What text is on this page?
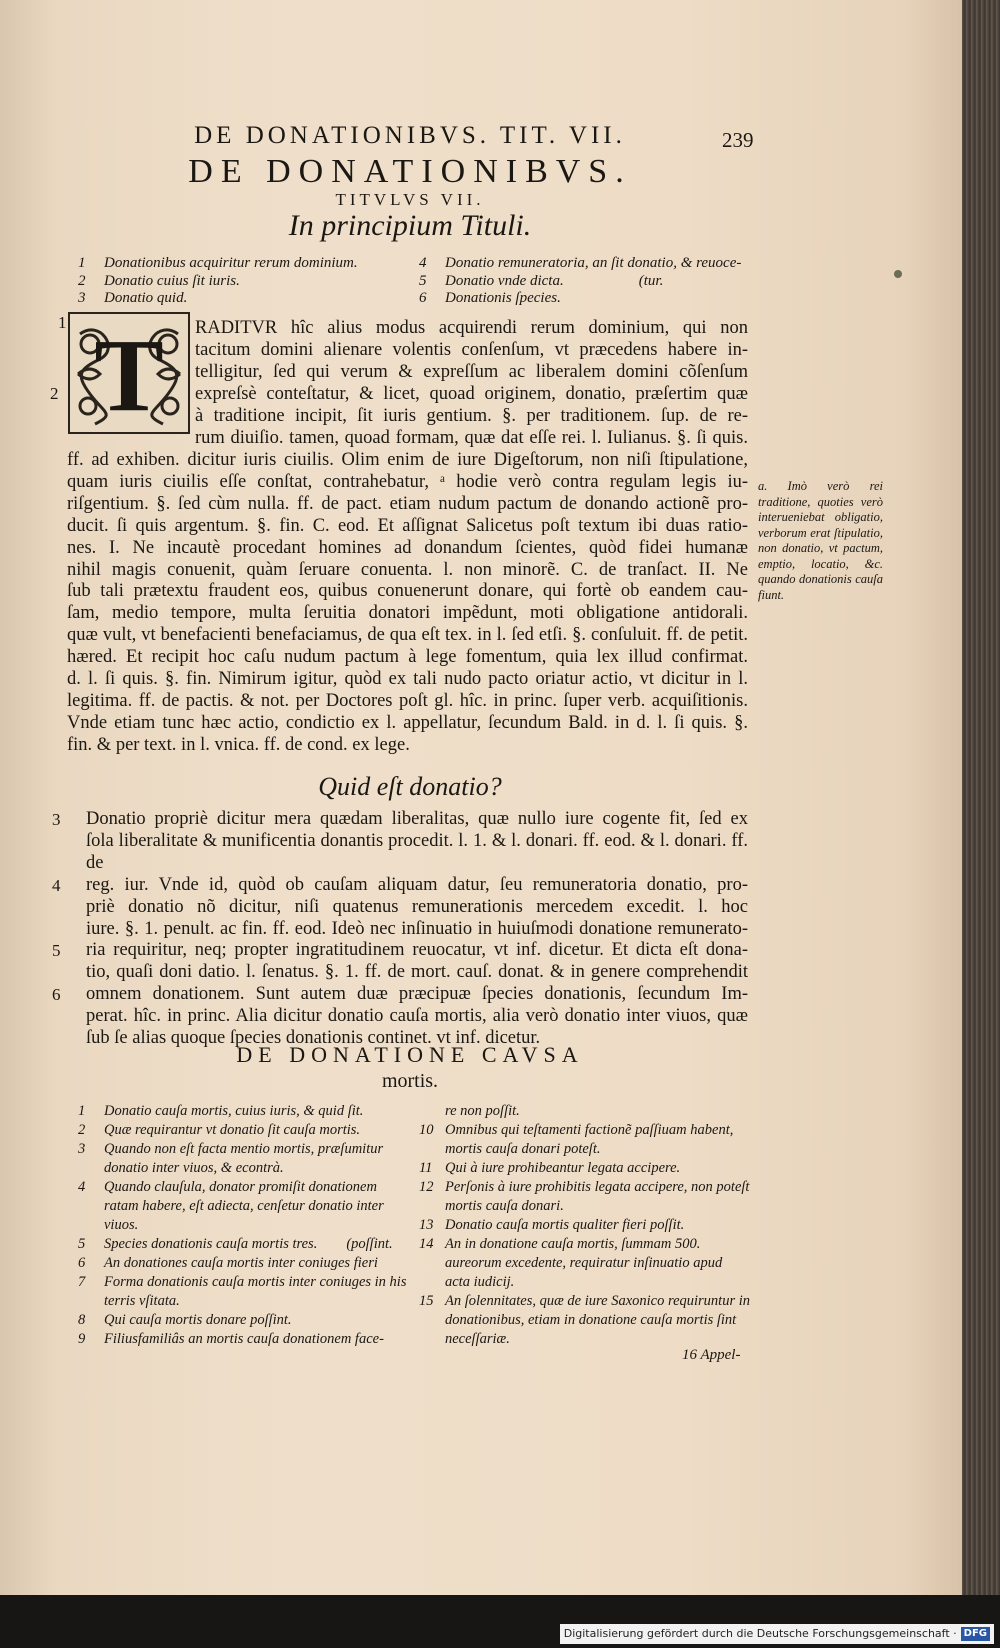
DE DONATIONIBVS. TIT. VII.	239
DE DONATIONIBVS.
TITVLVS VII.
In principium Tituli.
1	Donationibus acquiritur rerum dominium.
2	Donatio cuius ſit iuris.
3	Donatio quid.
4	Donatio remuneratoria, an ſit donatio, & reuoce-
5	Donatio vnde dicta.                    (tur.
6	Donationis ſpecies.
1
2 T RADITVR hîc alius modus acquirendi rerum dominium, qui non
tacitum domini alienare volentis conſenſum, vt præcedens habere in-
telligitur, ſed qui verum & expreſſum ac liberalem domini cõſenſum
expreſsè conteſtatur, & licet, quoad originem, donatio, præſertim quæ
à traditione incipit, ſit iuris gentium. §. per traditionem. ſup. de re-
rum diuiſio. tamen, quoad formam, quæ dat eſſe rei. l. Iulianus. §. ſi quis.
ff. ad exhiben. dicitur iuris ciuilis. Olim enim de iure Digeſtorum, non niſi ſtipulatione,
quam iuris ciuilis eſſe conſtat, contrahebatur, ᵃ hodie verò contra regulam legis iu-
riſgentium. §. ſed cùm nulla. ff. de pact. etiam nudum pactum de donando actionẽ pro-
ducit. ſi quis argentum. §. fin. C. eod. Et aſſignat Salicetus poſt textum ibi duas ratio-
nes. I. Ne incautè procedant homines ad donandum ſcientes, quòd fidei humanæ
nihil magis conuenit, quàm ſeruare conuenta. l. non minorẽ. C. de tranſact. II. Ne
ſub tali prætextu fraudent eos, quibus conuenerunt donare, qui fortè ob eandem cau-
ſam, medio tempore, multa ſeruitia donatori impẽdunt, moti obligatione antidorali.
quæ vult, vt benefacienti benefaciamus, de qua eſt tex. in l. ſed etſi. §. conſuluit. ff. de petit.
hæred. Et recipit hoc caſu nudum pactum à lege fomentum, quia lex illud confirmat.
d. l. ſi quis. §. fin. Nimirum igitur, quòd ex tali nudo pacto oriatur actio, vt dicitur in l.
legitima. ff. de pactis. & not. per Doctores poſt gl. hîc. in princ. ſuper verb. acquiſitionis.
Vnde etiam tunc hæc actio, condictio ex l. appellatur, ſecundum Bald. in d. l. ſi quis. §.
fin. & per text. in l. vnica. ff. de cond. ex lege.
a. Imò verò rei traditione, quoties verò interueniebat obligatio, verborum erat ſtipulatio, non donatio, vt pactum, emptio, locatio, &c. quando donationis cauſa fiunt.
Quid eſt donatio?
3 Donatio propriè dicitur mera quædam liberalitas, quæ nullo iure cogente fit, ſed ex
ſola liberalitate & munificentia donantis procedit. l. 1. & l. donari. ff. eod. & l. donari. ff. de
4 reg. iur. Vnde id, quòd ob cauſam aliquam datur, ſeu remuneratoria donatio, pro-
priè donatio nõ dicitur, niſi quatenus remunerationis mercedem excedit. l. hoc
iure. §. 1. penult. ac fin. ff. eod. Ideò nec inſinuatio in huiuſmodi donatione remunerato-
5 ria requiritur, neq; propter ingratitudinem reuocatur, vt inf. dicetur. Et dicta eſt dona-
tio, quaſi doni datio. l. ſenatus. §. 1. ff. de mort. cauſ. donat. & in genere comprehendit
6 omnem donationem. Sunt autem duæ præcipuæ ſpecies donationis, ſecundum Im-
perat. hîc. in princ. Alia dicitur donatio cauſa mortis, alia verò donatio inter viuos, quæ
ſub ſe alias quoque ſpecies donationis continet. vt inf. dicetur.
DE DONATIONE CAVSA
mortis.
1	Donatio cauſa mortis, cuius iuris, & quid ſit.
2	Quæ requirantur vt donatio ſit cauſa mortis.
3	Quando non eſt facta mentio mortis, præſumitur donatio inter viuos, & econtrà.
4	Quando clauſula, donator promiſit donationem ratam habere, eſt adiecta, cenſetur donatio inter viuos.
5	Species donationis cauſa mortis tres.        (poſſint.
6	An donationes cauſa mortis inter coniuges fieri
7	Forma donationis cauſa mortis inter coniuges in his terris vſitata.
8	Qui cauſa mortis donare poſſint.
9	Filiusfamiliâs an mortis cauſa donationem face-
re non poſſit.
10 Omnibus qui teſtamenti factionẽ paſſiuam habent, mortis cauſa donari poteſt.
11 Qui à iure prohibeantur legata accipere.
12 Perſonis à iure prohibitis legata accipere, non poteſt mortis cauſa donari.
13 Donatio cauſa mortis qualiter fieri poſſit.
14 An in donatione cauſa mortis, ſummam 500. aureorum excedente, requiratur inſinuatio apud acta iudicij.
15 An ſolennitates, quæ de iure Saxonico requiruntur in donationibus, etiam in donatione cauſa mortis ſint neceſſariæ.
16 Appel-
Digitalisierung gefördert durch die Deutsche Forschungsgemeinschaft · DFG
